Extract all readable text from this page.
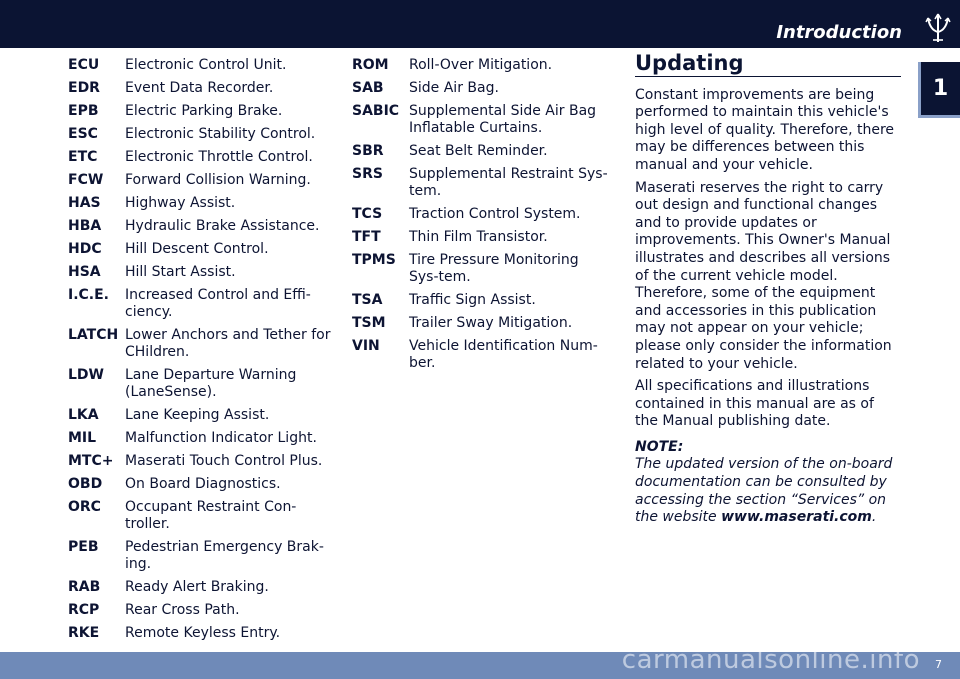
Introduction
1
ECU	Electronic Control Unit.
EDR	Event Data Recorder.
EPB	Electric Parking Brake.
ESC	Electronic Stability Control.
ETC	Electronic Throttle Control.
FCW	Forward Collision Warning.
HAS	Highway Assist.
HBA	Hydraulic Brake Assistance.
HDC	Hill Descent Control.
HSA	Hill Start Assist.
I.C.E.	Increased Control and Effi-ciency.
LATCH Lower Anchors and Tether for CHildren.
LDW	Lane Departure Warning (LaneSense).
LKA	Lane Keeping Assist.
MIL	Malfunction Indicator Light.
MTC+ Maserati Touch Control Plus.
OBD	On Board Diagnostics.
ORC	Occupant Restraint Con-troller.
PEB	Pedestrian Emergency Brak-ing.
RAB	Ready Alert Braking.
RCP	Rear Cross Path.
RKE	Remote Keyless Entry.
ROM	Roll-Over Mitigation.
SAB	Side Air Bag.
SABIC Supplemental Side Air Bag Inflatable Curtains.
SBR	Seat Belt Reminder.
SRS	Supplemental Restraint Sys-tem.
TCS	Traction Control System.
TFT	Thin Film Transistor.
TPMS Tire Pressure Monitoring Sys-tem.
TSA	Traffic Sign Assist.
TSM	Trailer Sway Mitigation.
VIN	Vehicle Identification Num-ber.
Updating

Constant improvements are being performed to maintain this vehicle's high level of quality. Therefore, there may be differences between this manual and your vehicle.

Maserati reserves the right to carry out design and functional changes and to provide updates or improvements. This Owner's Manual illustrates and describes all versions of the current vehicle model. Therefore, some of the equipment and accessories in this publication may not appear on your vehicle; please only consider the information related to your vehicle.

All specifications and illustrations contained in this manual are as of the Manual publishing date.

NOTE:

The updated version of the on-board documentation can be consulted by accessing the section “Services” on the website www.maserati.com.

carmanualsonline.info 7
